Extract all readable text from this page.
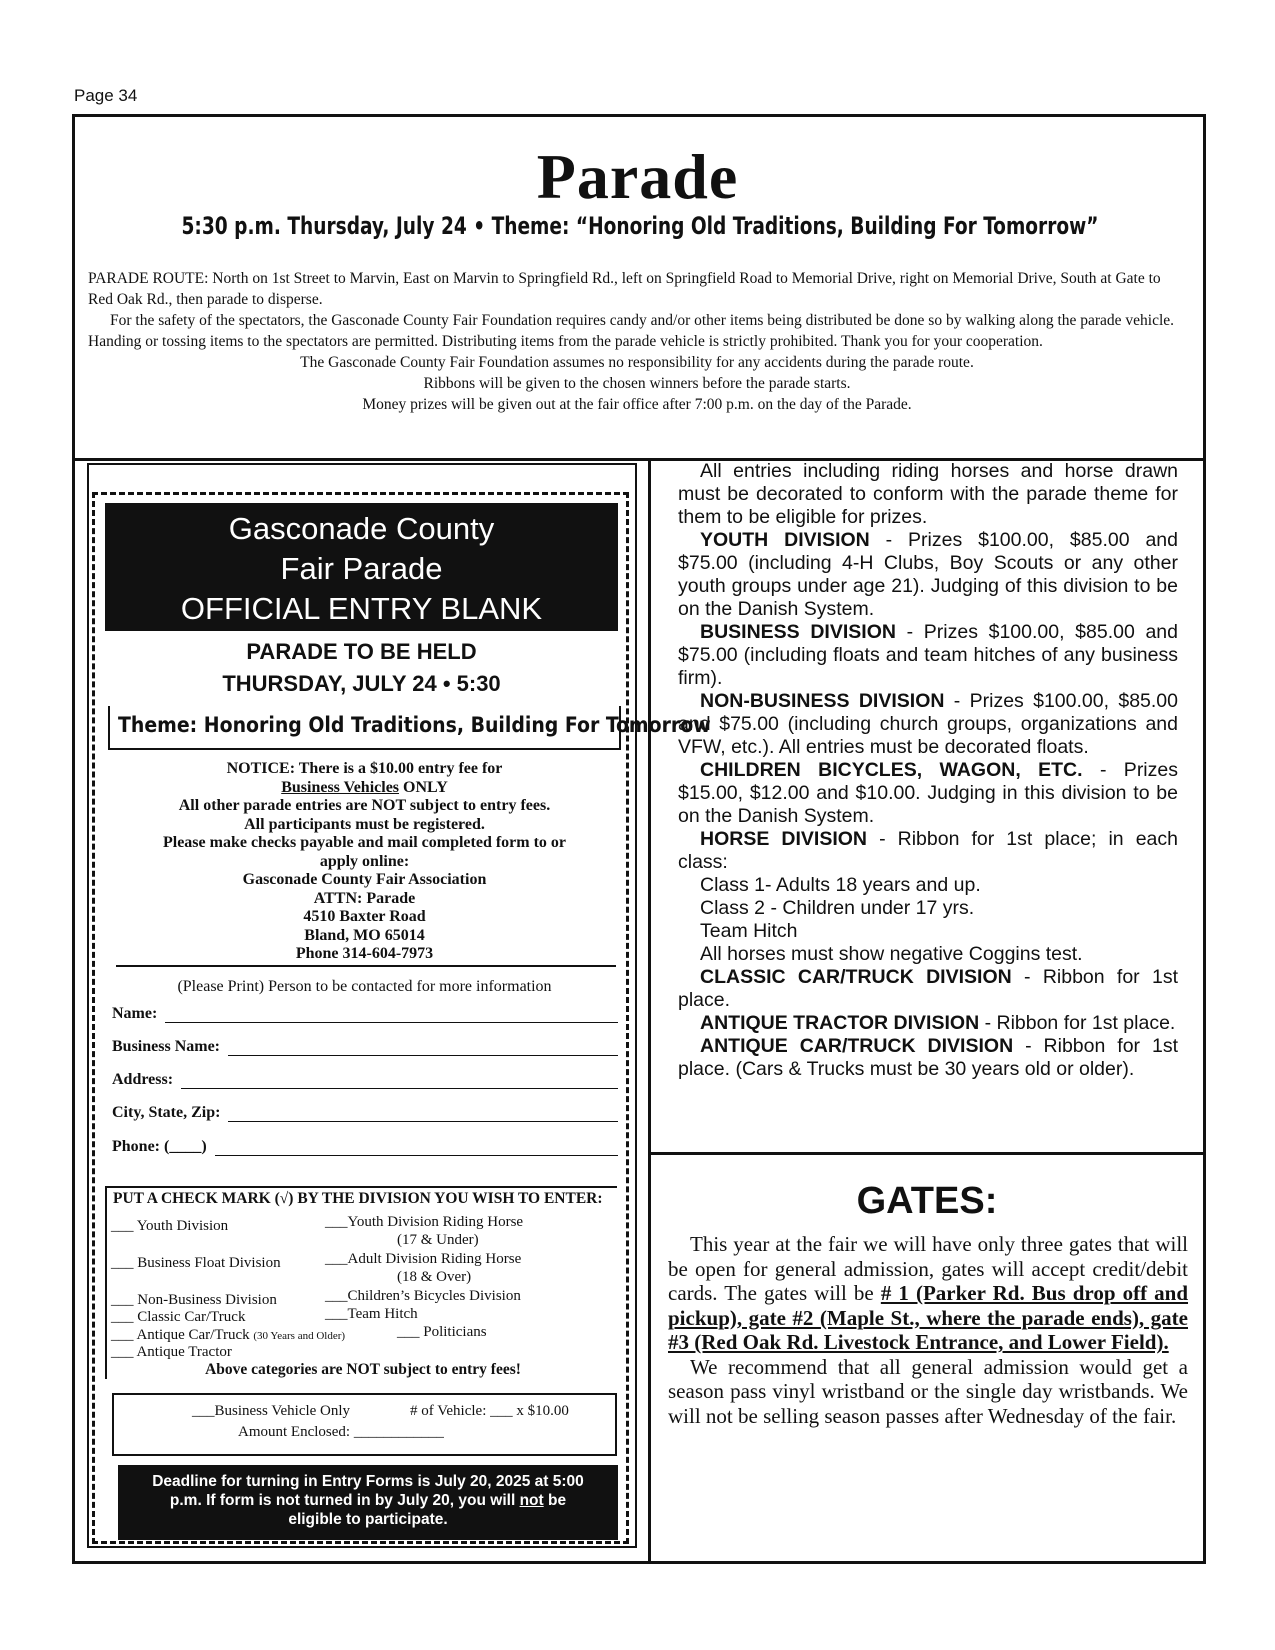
Page 34
Parade
5:30 p.m. Thursday, July 24 • Theme: “Honoring Old Traditions, Building For Tomorrow”

PARADE ROUTE: North on 1st Street to Marvin, East on Marvin to Springfield Rd., left on Springfield Road to Memorial Drive, right on Memorial Drive, South at Gate to Red Oak Rd., then parade to disperse.

For the safety of the spectators, the Gasconade County Fair Foundation requires candy and/or other items being distributed be done so by walking along the parade vehicle. Handing or tossing items to the spectators are permitted. Distributing items from the parade vehicle is strictly prohibited. Thank you for your cooperation.

The Gasconade County Fair Foundation assumes no responsibility for any accidents during the parade route.

Ribbons will be given to the chosen winners before the parade starts.

Money prizes will be given out at the fair office after 7:00 p.m. on the day of the Parade.

Gasconade County
Fair Parade
OFFICIAL ENTRY BLANK
PARADE TO BE HELD
THURSDAY, JULY 24 • 5:30
Theme: Honoring Old Traditions, Building For Tomorrow
NOTICE: There is a $10.00 entry fee for
Business Vehicles ONLY
All other parade entries are NOT subject to entry fees.
All participants must be registered.
Please make checks payable and mail completed form to or
apply online:
Gasconade County Fair Association
ATTN: Parade
4510 Baxter Road
Bland, MO 65014
Phone 314-604-7973
(Please Print) Person to be contacted for more information
Name:
Business Name:
Address:
City, State, Zip:
Phone: (____)
PUT A CHECK MARK (√) BY THE DIVISION YOU WISH TO ENTER:
___ Youth Division
___ Business Float Division
___ Non-Business Division
___ Classic Car/Truck
___ Antique Car/Truck (30 Years and Older)
___ Antique Tractor
___Youth Division Riding Horse
(17 & Under)
___Adult Division Riding Horse
(18 & Over)
___Children’s Bicycles Division
___Team Hitch
___ Politicians
Above categories are NOT subject to entry fees!
___Business Vehicle Only	# of Vehicle: ___ x $10.00
Amount Enclosed: ____________
Deadline for turning in Entry Forms is July 20, 2025 at 5:00
p.m. If form is not turned in by July 20, you will not be
eligible to participate.

All entries including riding horses and horse drawn must be decorated to conform with the parade theme for them to be eligible for prizes.

YOUTH DIVISION - Prizes $100.00, $85.00 and $75.00 (including 4-H Clubs, Boy Scouts or any other youth groups under age 21). Judging of this division to be on the Danish System.

BUSINESS DIVISION - Prizes $100.00, $85.00 and $75.00 (including floats and team hitches of any business firm).

NON-BUSINESS DIVISION - Prizes $100.00, $85.00 and $75.00 (including church groups, organizations and VFW, etc.). All entries must be decorated floats.

CHILDREN BICYCLES, WAGON, ETC. - Prizes $15.00, $12.00 and $10.00. Judging in this division to be on the Danish System.

HORSE DIVISION - Ribbon for 1st place; in each class:

Class 1- Adults 18 years and up.

Class 2 - Children under 17 yrs.

Team Hitch

All horses must show negative Coggins test.

CLASSIC CAR/TRUCK DIVISION - Ribbon for 1st place.

ANTIQUE TRACTOR DIVISION - Ribbon for 1st place.

ANTIQUE CAR/TRUCK DIVISION - Ribbon for 1st place. (Cars & Trucks must be 30 years old or older).

GATES:
This year at the fair we will have only three gates that will be open for general admission, gates will accept credit/debit cards. The gates will be # 1 (Parker Rd. Bus drop off and pickup), gate #2 (Maple St., where the parade ends), gate #3 (Red Oak Rd. Livestock Entrance, and Lower Field).
We recommend that all general admission would get a season pass vinyl wristband or the single day wristbands. We will not be selling season passes after Wednesday of the fair.
